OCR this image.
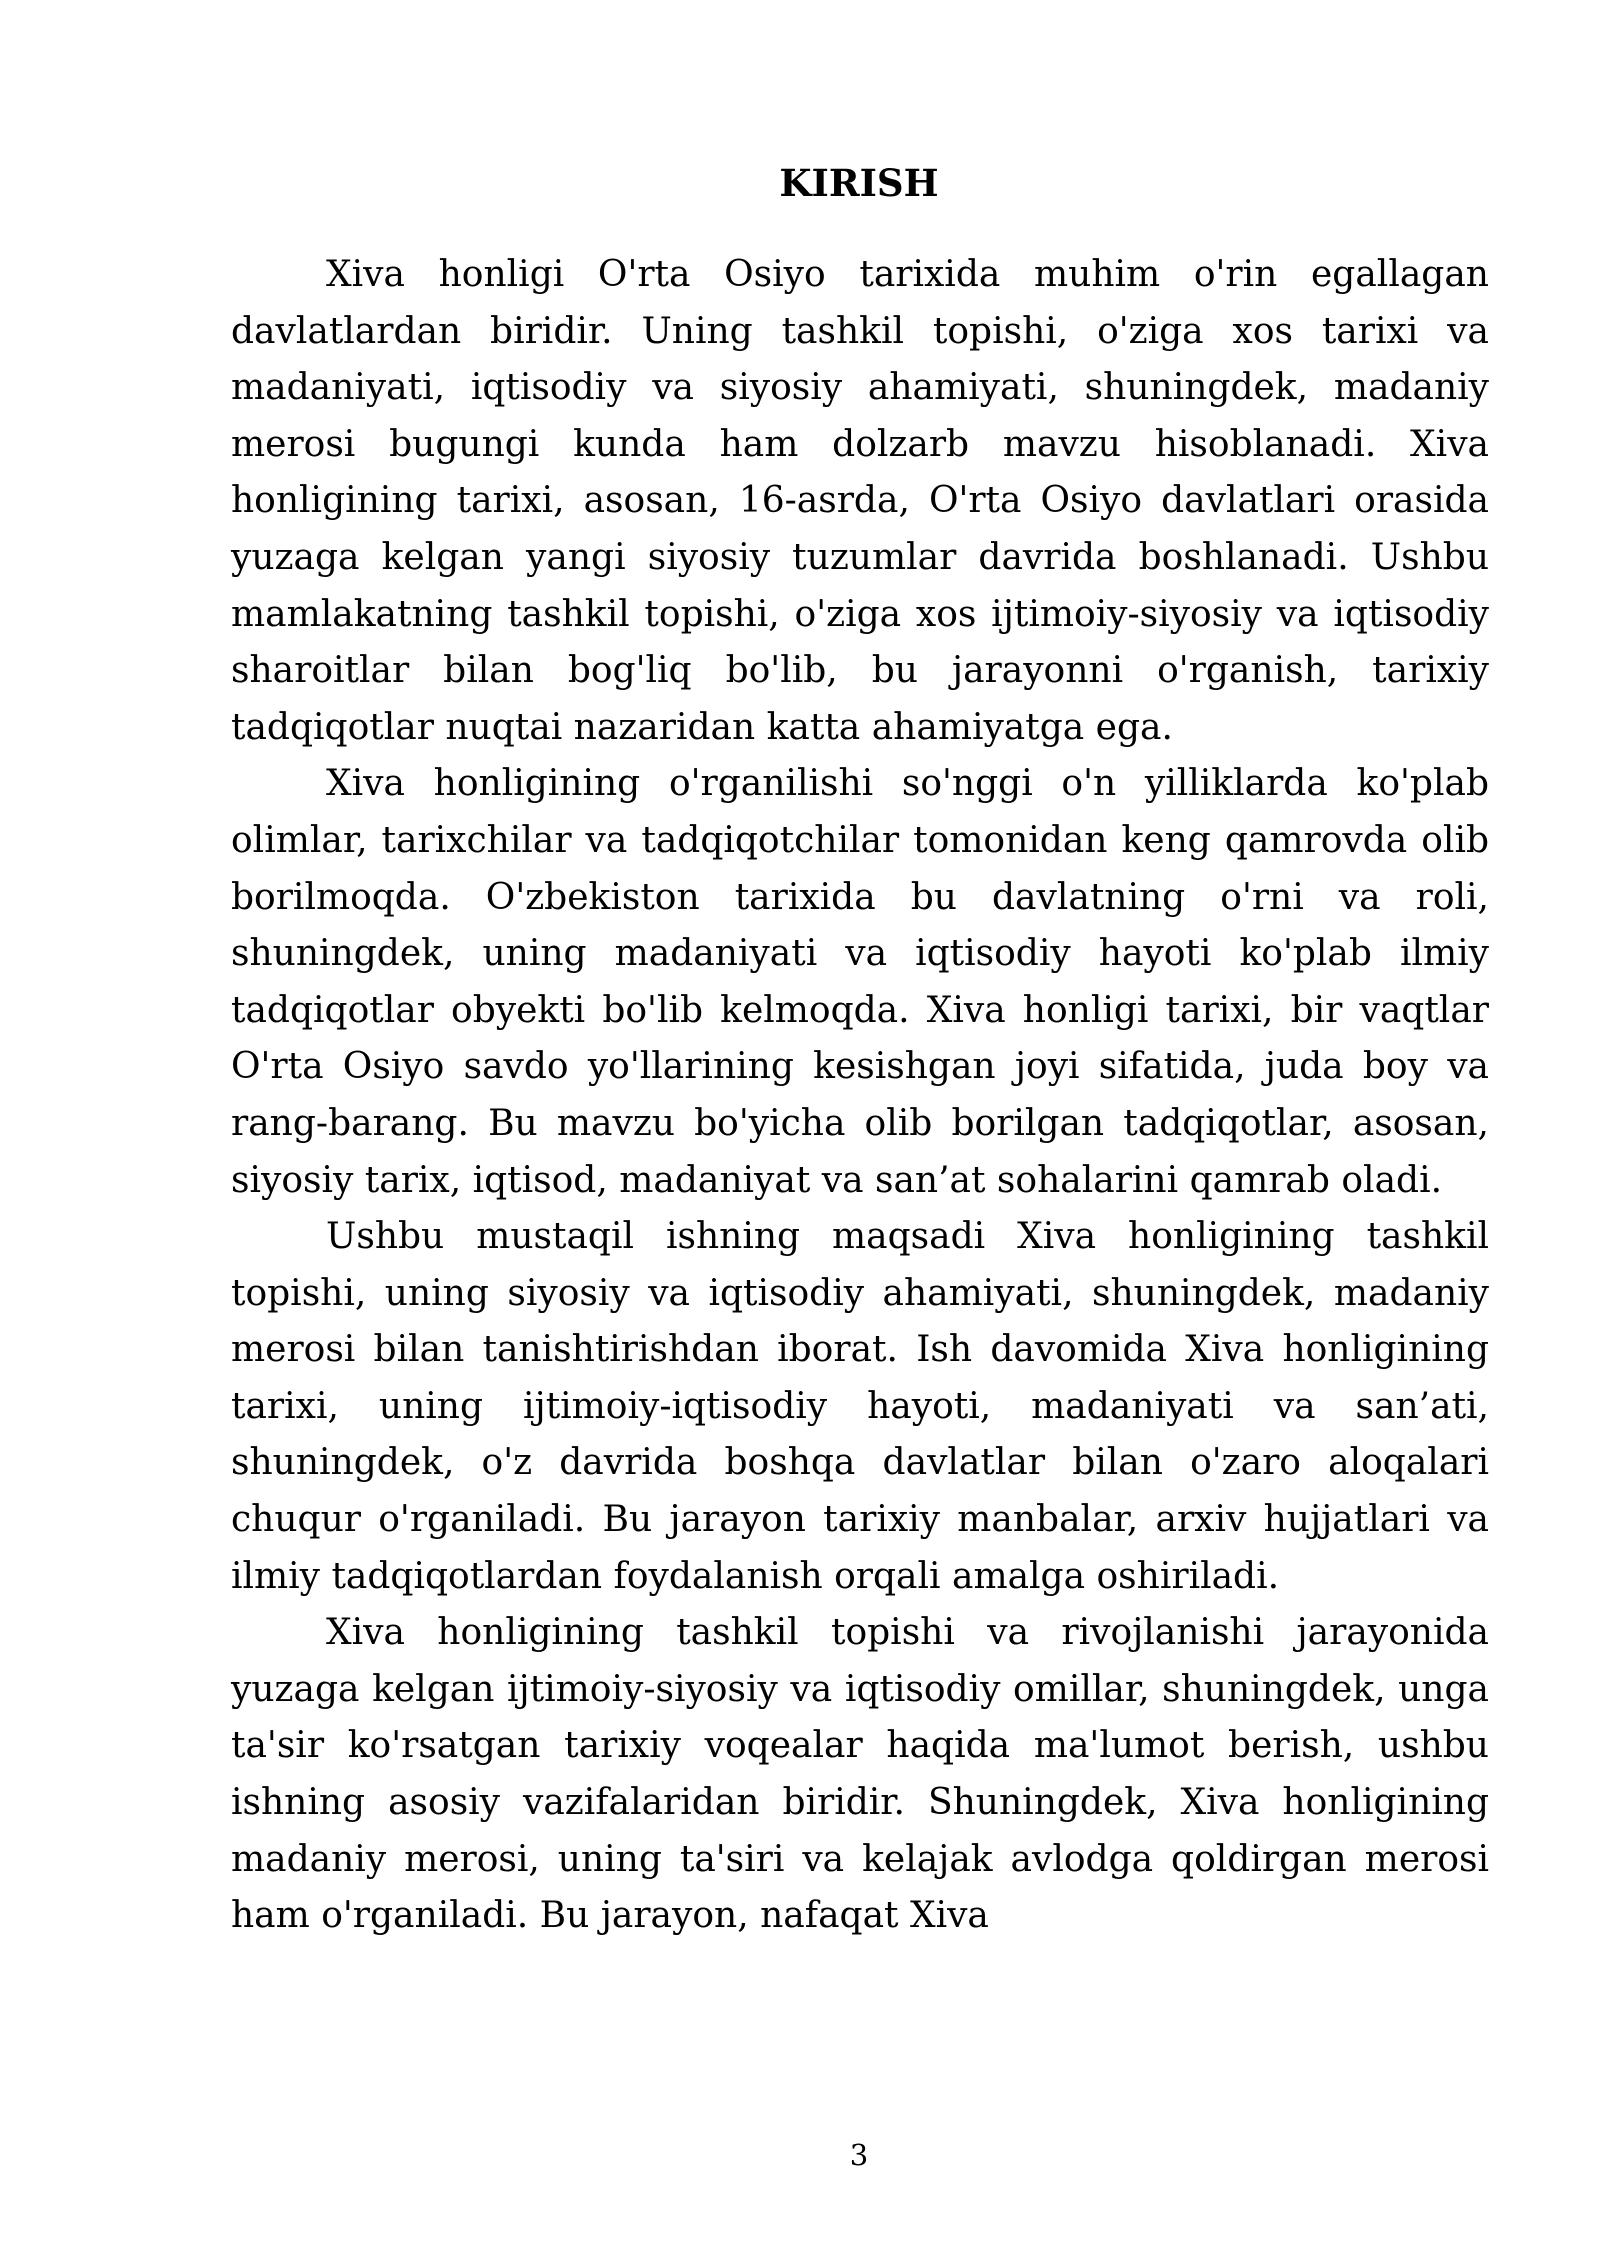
KIRISH

Xiva honligi O'rta Osiyo tarixida muhim o'rin egallagan davlatlardan biridir. Uning tashkil topishi, o'ziga xos tarixi va madaniyati, iqtisodiy va siyosiy ahamiyati, shuningdek, madaniy merosi bugungi kunda ham dolzarb mavzu hisoblanadi. Xiva honligining tarixi, asosan, 16-asrda, O'rta Osiyo davlatlari orasida yuzaga kelgan yangi siyosiy tuzumlar davrida boshlanadi. Ushbu mamlakatning tashkil topishi, o'ziga xos ijtimoiy-siyosiy va iqtisodiy sharoitlar bilan bog'liq bo'lib, bu jarayonni o'rganish, tarixiy tadqiqotlar nuqtai nazaridan katta ahamiyatga ega.

Xiva honligining o'rganilishi so'nggi o'n yilliklarda ko'plab olimlar, tarixchilar va tadqiqotchilar tomonidan keng qamrovda olib borilmoqda. O'zbekiston tarixida bu davlatning o'rni va roli, shuningdek, uning madaniyati va iqtisodiy hayoti ko'plab ilmiy tadqiqotlar obyekti bo'lib kelmoqda. Xiva honligi tarixi, bir vaqtlar O'rta Osiyo savdo yo'llarining kesishgan joyi sifatida, juda boy va rang-barang. Bu mavzu bo'yicha olib borilgan tadqiqotlar, asosan, siyosiy tarix, iqtisod, madaniyat va san’at sohalarini qamrab oladi.

Ushbu mustaqil ishning maqsadi Xiva honligining tashkil topishi, uning siyosiy va iqtisodiy ahamiyati, shuningdek, madaniy merosi bilan tanishtirishdan iborat. Ish davomida Xiva honligining tarixi, uning ijtimoiy-iqtisodiy hayoti, madaniyati va san’ati, shuningdek, o'z davrida boshqa davlatlar bilan o'zaro aloqalari chuqur o'rganiladi. Bu jarayon tarixiy manbalar, arxiv hujjatlari va ilmiy tadqiqotlardan foydalanish orqali amalga oshiriladi.

Xiva honligining tashkil topishi va rivojlanishi jarayonida yuzaga kelgan ijtimoiy-siyosiy va iqtisodiy omillar, shuningdek, unga ta'sir ko'rsatgan tarixiy voqealar haqida ma'lumot berish, ushbu ishning asosiy vazifalaridan biridir. Shuningdek, Xiva honligining madaniy merosi, uning ta'siri va kelajak avlodga qoldirgan merosi ham o'rganiladi. Bu jarayon, nafaqat Xiva

3
